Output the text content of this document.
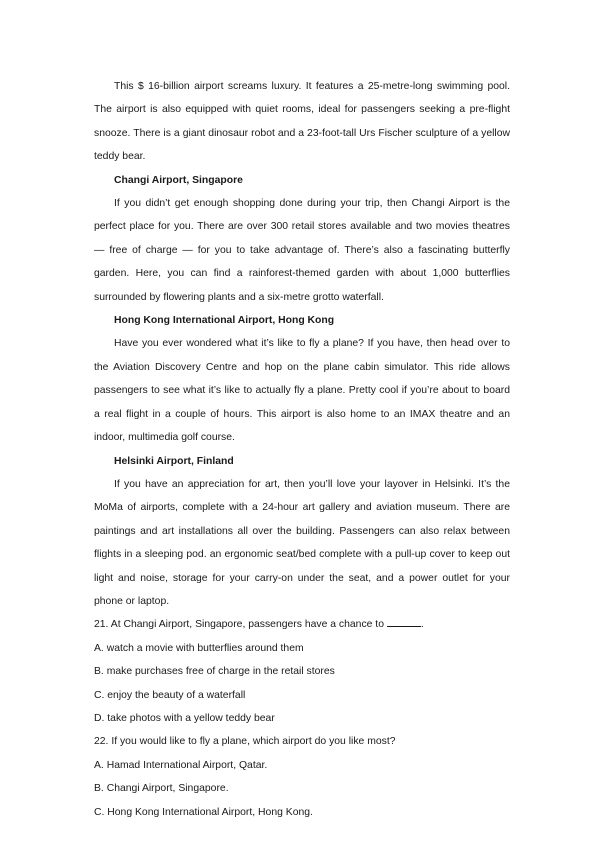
This $ 16-billion airport screams luxury. It features a 25-metre-long swimming pool. The airport is also equipped with quiet rooms, ideal for passengers seeking a pre-flight snooze. There is a giant dinosaur robot and a 23-foot-tall Urs Fischer sculpture of a yellow teddy bear.

Changi Airport, Singapore

If you didn’t get enough shopping done during your trip, then Changi Airport is the perfect place for you. There are over 300 retail stores available and two movies theatres — free of charge — for you to take advantage of. There’s also a fascinating butterfly garden. Here, you can find a rainforest-themed garden with about 1,000 butterflies surrounded by flowering plants and a six-metre grotto waterfall.

Hong Kong International Airport, Hong Kong

Have you ever wondered what it’s like to fly a plane? If you have, then head over to the Aviation Discovery Centre and hop on the plane cabin simulator. This ride allows passengers to see what it’s like to actually fly a plane. Pretty cool if you’re about to board a real flight in a couple of hours. This airport is also home to an IMAX theatre and an indoor, multimedia golf course.

Helsinki Airport, Finland

If you have an appreciation for art, then you’ll love your layover in Helsinki. It’s the MoMa of airports, complete with a 24-hour art gallery and aviation museum. There are paintings and art installations all over the building. Passengers can also relax between flights in a sleeping pod. an ergonomic seat/bed complete with a pull-up cover to keep out light and noise, storage for your carry-on under the seat, and a power outlet for your phone or laptop.

21. At Changi Airport, Singapore, passengers have a chance to	.

A. watch a movie with butterflies around them

B. make purchases free of charge in the retail stores

C. enjoy the beauty of a waterfall

D. take photos with a yellow teddy bear

22. If you would like to fly a plane, which airport do you like most?

A. Hamad International Airport, Qatar.

B. Changi Airport, Singapore.

C. Hong Kong International Airport, Hong Kong.
